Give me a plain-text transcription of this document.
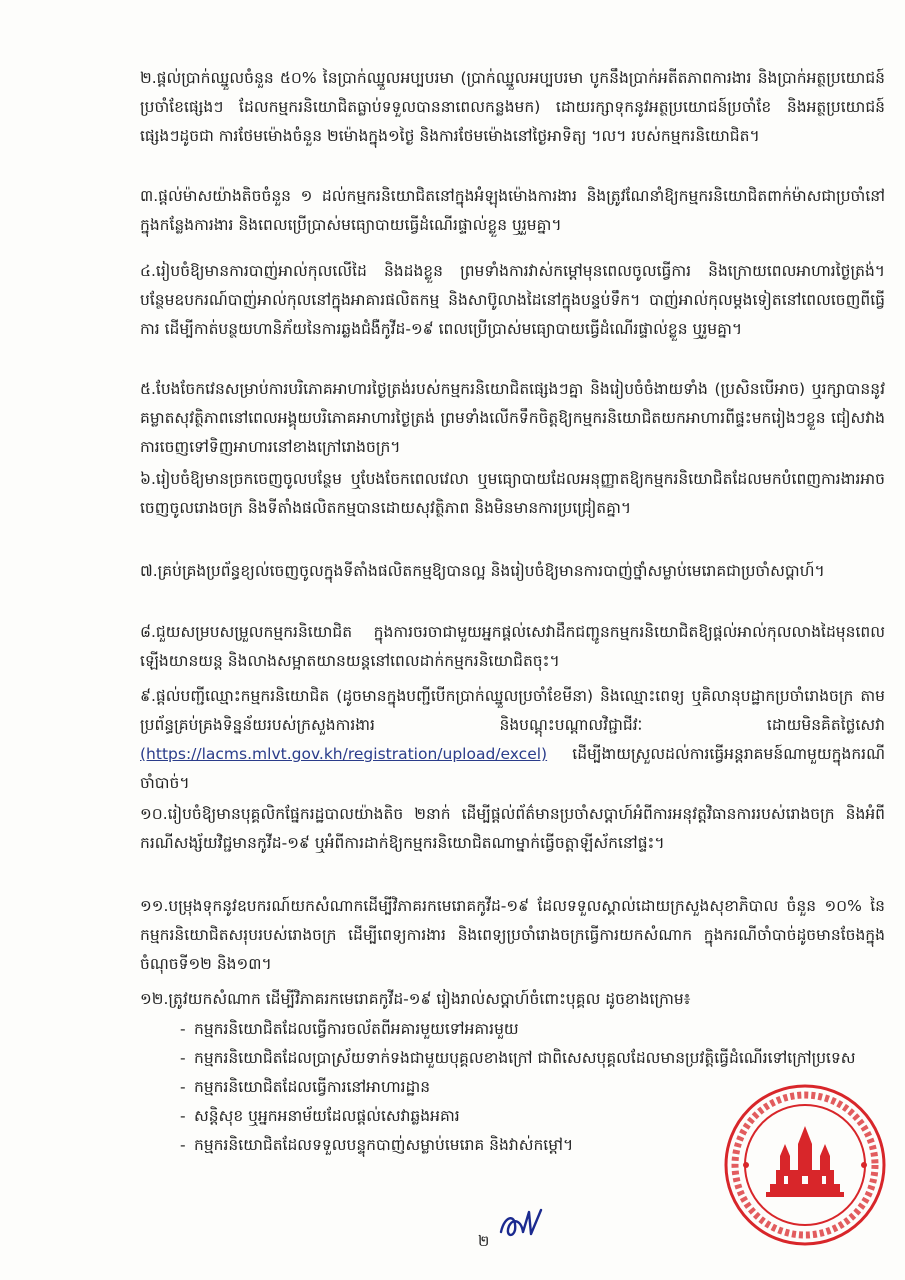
២.ផ្តល់ប្រាក់ឈ្នួលចំនួន ៥០% នៃប្រាក់ឈ្នួលអប្បបរមា (ប្រាក់ឈ្នួលអប្បបរមា បូកនឹងប្រាក់អតីតភាពការងារ និងប្រាក់អត្ថប្រយោជន៍ប្រចាំខែផ្សេងៗ ដែលកម្មករនិយោជិតធ្លាប់ទទួលបាននាពេលកន្លងមក) ដោយរក្សាទុកនូវអត្ថប្រយោជន៍ប្រចាំខែ និងអត្ថប្រយោជន៍ផ្សេងៗដូចជា ការថែមម៉ោងចំនួន ២ម៉ោងក្នុង១ថ្ងៃ និងការថែមម៉ោងនៅថ្ងៃអាទិត្យ ។ល។ របស់កម្មករនិយោជិត។
៣.ផ្តល់ម៉ាសយ៉ាងតិចចំនួន ១ ដល់កម្មករនិយោជិតនៅក្នុងអំឡុងម៉ោងការងារ និងត្រូវណែនាំឱ្យកម្មករនិយោជិតពាក់ម៉ាសជាប្រចាំនៅក្នុងកន្លែងការងារ និងពេលប្រើប្រាស់មធ្យោបាយធ្វើដំណើរផ្ទាល់ខ្លួន ឬរួមគ្នា។
៤.រៀបចំឱ្យមានការបាញ់អាល់កុលលើដៃ និងដងខ្លួន ព្រមទាំងការវាស់កម្តៅមុនពេលចូលធ្វើការ និងក្រោយពេលអាហារថ្ងៃត្រង់។ បន្ថែមឧបករណ៍បាញ់អាល់កុលនៅក្នុងអាគារផលិតកម្ម និងសាប៊ូលាងដៃនៅក្នុងបន្ទប់ទឹក។ បាញ់អាល់កុលម្តងទៀតនៅពេលចេញពីធ្វើការ ដើម្បីកាត់បន្ថយហានិភ័យនៃការឆ្លងជំងឺកូវីដ-១៩ ពេលប្រើប្រាស់មធ្យោបាយធ្វើដំណើរផ្ទាល់ខ្លួន ឬរួមគ្នា។
៥.បែងចែកវេនសម្រាប់ការបរិភោគអាហារថ្ងៃត្រង់របស់កម្មករនិយោជិតផ្សេងៗគ្នា និងរៀបចំចំងាយទាំង (ប្រសិនបើអាច) ឬរក្សាបាននូវគម្លាតសុវត្ថិភាពនៅពេលអង្គុយបរិភោគអាហារថ្ងៃត្រង់ ព្រមទាំងលើកទឹកចិត្តឱ្យកម្មករនិយោជិតយកអាហារពីផ្ទះមករៀងៗខ្លួន ជៀសវាងការចេញទៅទិញអាហារនៅខាងក្រៅរោងចក្រ។
៦.រៀបចំឱ្យមានច្រកចេញចូលបន្ថែម ឬបែងចែកពេលវេលា ឬមធ្យោបាយដែលអនុញ្ញាតឱ្យកម្មករនិយោជិតដែលមកបំពេញការងារអាចចេញចូលរោងចក្រ និងទីតាំងផលិតកម្មបានដោយសុវត្ថិភាព និងមិនមានការប្រជ្រៀតគ្នា។
៧.គ្រប់គ្រងប្រព័ន្ធខ្យល់ចេញចូលក្នុងទីតាំងផលិតកម្មឱ្យបានល្អ និងរៀបចំឱ្យមានការបាញ់ថ្នាំសម្លាប់មេរោគជាប្រចាំសប្តាហ៍។
៨.ជួយសម្របសម្រួលកម្មករនិយោជិត ក្នុងការចរចាជាមួយអ្នកផ្តល់សេវាដឹកជញ្ជូនកម្មករនិយោជិតឱ្យផ្តល់អាល់កុលលាងដៃមុនពេលឡើងយានយន្ត និងលាងសម្អាតយានយន្តនៅពេលដាក់កម្មករនិយោជិតចុះ។
៩.ផ្តល់បញ្ជីឈ្មោះកម្មករនិយោជិត (ដូចមានក្នុងបញ្ជីបើកប្រាក់ឈ្នួលប្រចាំខែមីនា) និងឈ្មោះពេទ្យ ឬគិលានុបដ្ឋាកប្រចាំរោងចក្រ តាមប្រព័ន្ធគ្រប់គ្រងទិន្នន័យរបស់ក្រសួងការងារ និងបណ្តុះបណ្តាលវិជ្ជាជីវៈ ដោយមិនគិតថ្លៃសេវា (https://lacms.mlvt.gov.kh/registration/upload/excel) ដើម្បីងាយស្រួលដល់ការធ្វើអន្តរាគមន៍ណាមួយក្នុងករណីចាំបាច់។
១០.រៀបចំឱ្យមានបុគ្គលិកផ្នែករដ្ឋបាលយ៉ាងតិច ២នាក់ ដើម្បីផ្តល់ព័ត៌មានប្រចាំសប្តាហ៍អំពីការអនុវត្តវិធានការរបស់រោងចក្រ និងអំពីករណីសង្ស័យវិជ្ជមានកូវីដ-១៩ ឬអំពីការដាក់ឱ្យកម្មករនិយោជិតណាម្នាក់ធ្វើចត្តាឡីស័កនៅផ្ទះ។
១១.បម្រុងទុកនូវឧបករណ៍យកសំណាកដើម្បីវិភាគរកមេរោគកូវីដ-១៩ ដែលទទួលស្គាល់ដោយក្រសួងសុខាភិបាល ចំនួន ១០% នៃកម្មករនិយោជិតសរុបរបស់រោងចក្រ ដើម្បីពេទ្យការងារ និងពេទ្យប្រចាំរោងចក្រធ្វើការយកសំណាក ក្នុងករណីចាំបាច់ដូចមានចែងក្នុងចំណុចទី១២ និង១៣។
១២.ត្រូវយកសំណាក ដើម្បីវិភាគរកមេរោគកូវីដ-១៩ រៀងរាល់សប្តាហ៍ចំពោះបុគ្គល ដូចខាងក្រោម៖
- កម្មករនិយោជិតដែលធ្វើការចល័តពីអគារមួយទៅអគារមួយ
- កម្មករនិយោជិតដែលប្រាស្រ័យទាក់ទងជាមួយបុគ្គលខាងក្រៅ ជាពិសេសបុគ្គលដែលមានប្រវត្តិធ្វើដំណើរទៅក្រៅប្រទេស
- កម្មករនិយោជិតដែលធ្វើការនៅអាហារដ្ឋាន
- សន្តិសុខ ឬអ្នកអនាម័យដែលផ្តល់សេវាឆ្លងអគារ
- កម្មករនិយោជិតដែលទទួលបន្ទុកបាញ់សម្លាប់មេរោគ និងវាស់កម្តៅ។
២
